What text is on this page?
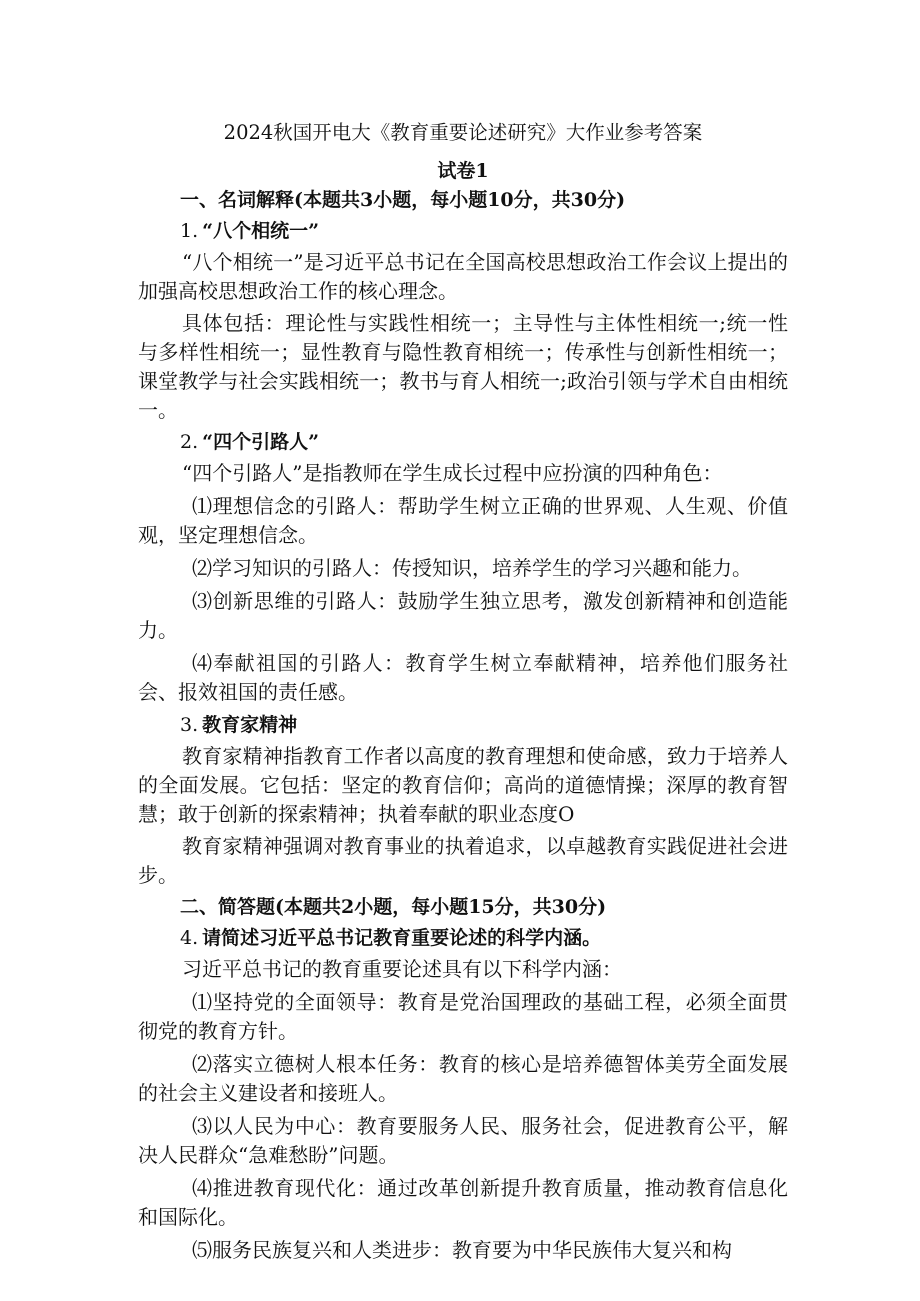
2024秋国开电大《教育重要论述研究》大作业参考答案

试卷1

一、名词解释(本题共3小题，每小题10分，共30分)

1. “八个相统一”

“八个相统一”是习近平总书记在全国高校思想政治工作会议上提出的加强高校思想政治工作的核心理念。

具体包括：理论性与实践性相统一；主导性与主体性相统一;统一性与多样性相统一；显性教育与隐性教育相统一；传承性与创新性相统一；课堂教学与社会实践相统一；教书与育人相统一;政治引领与学术自由相统一。

2. “四个引路人”

“四个引路人”是指教师在学生成长过程中应扮演的四种角色：

⑴理想信念的引路人：帮助学生树立正确的世界观、人生观、价值观，坚定理想信念。

⑵学习知识的引路人：传授知识，培养学生的学习兴趣和能力。

⑶创新思维的引路人：鼓励学生独立思考，激发创新精神和创造能力。

⑷奉献祖国的引路人：教育学生树立奉献精神，培养他们服务社会、报效祖国的责任感。

3. 教育家精神

教育家精神指教育工作者以高度的教育理想和使命感，致力于培养人的全面发展。它包括：坚定的教育信仰；高尚的道德情操；深厚的教育智慧；敢于创新的探索精神；执着奉献的职业态度O

教育家精神强调对教育事业的执着追求，以卓越教育实践促进社会进步。

二、简答题(本题共2小题，每小题15分，共30分)

4. 请简述习近平总书记教育重要论述的科学内涵。

习近平总书记的教育重要论述具有以下科学内涵：

⑴坚持党的全面领导：教育是党治国理政的基础工程，必须全面贯彻党的教育方针。

⑵落实立德树人根本任务：教育的核心是培养德智体美劳全面发展的社会主义建设者和接班人。

⑶以人民为中心：教育要服务人民、服务社会，促进教育公平，解决人民群众“急难愁盼”问题。

⑷推进教育现代化：通过改革创新提升教育质量，推动教育信息化和国际化。

⑸服务民族复兴和人类进步：教育要为中华民族伟大复兴和构
